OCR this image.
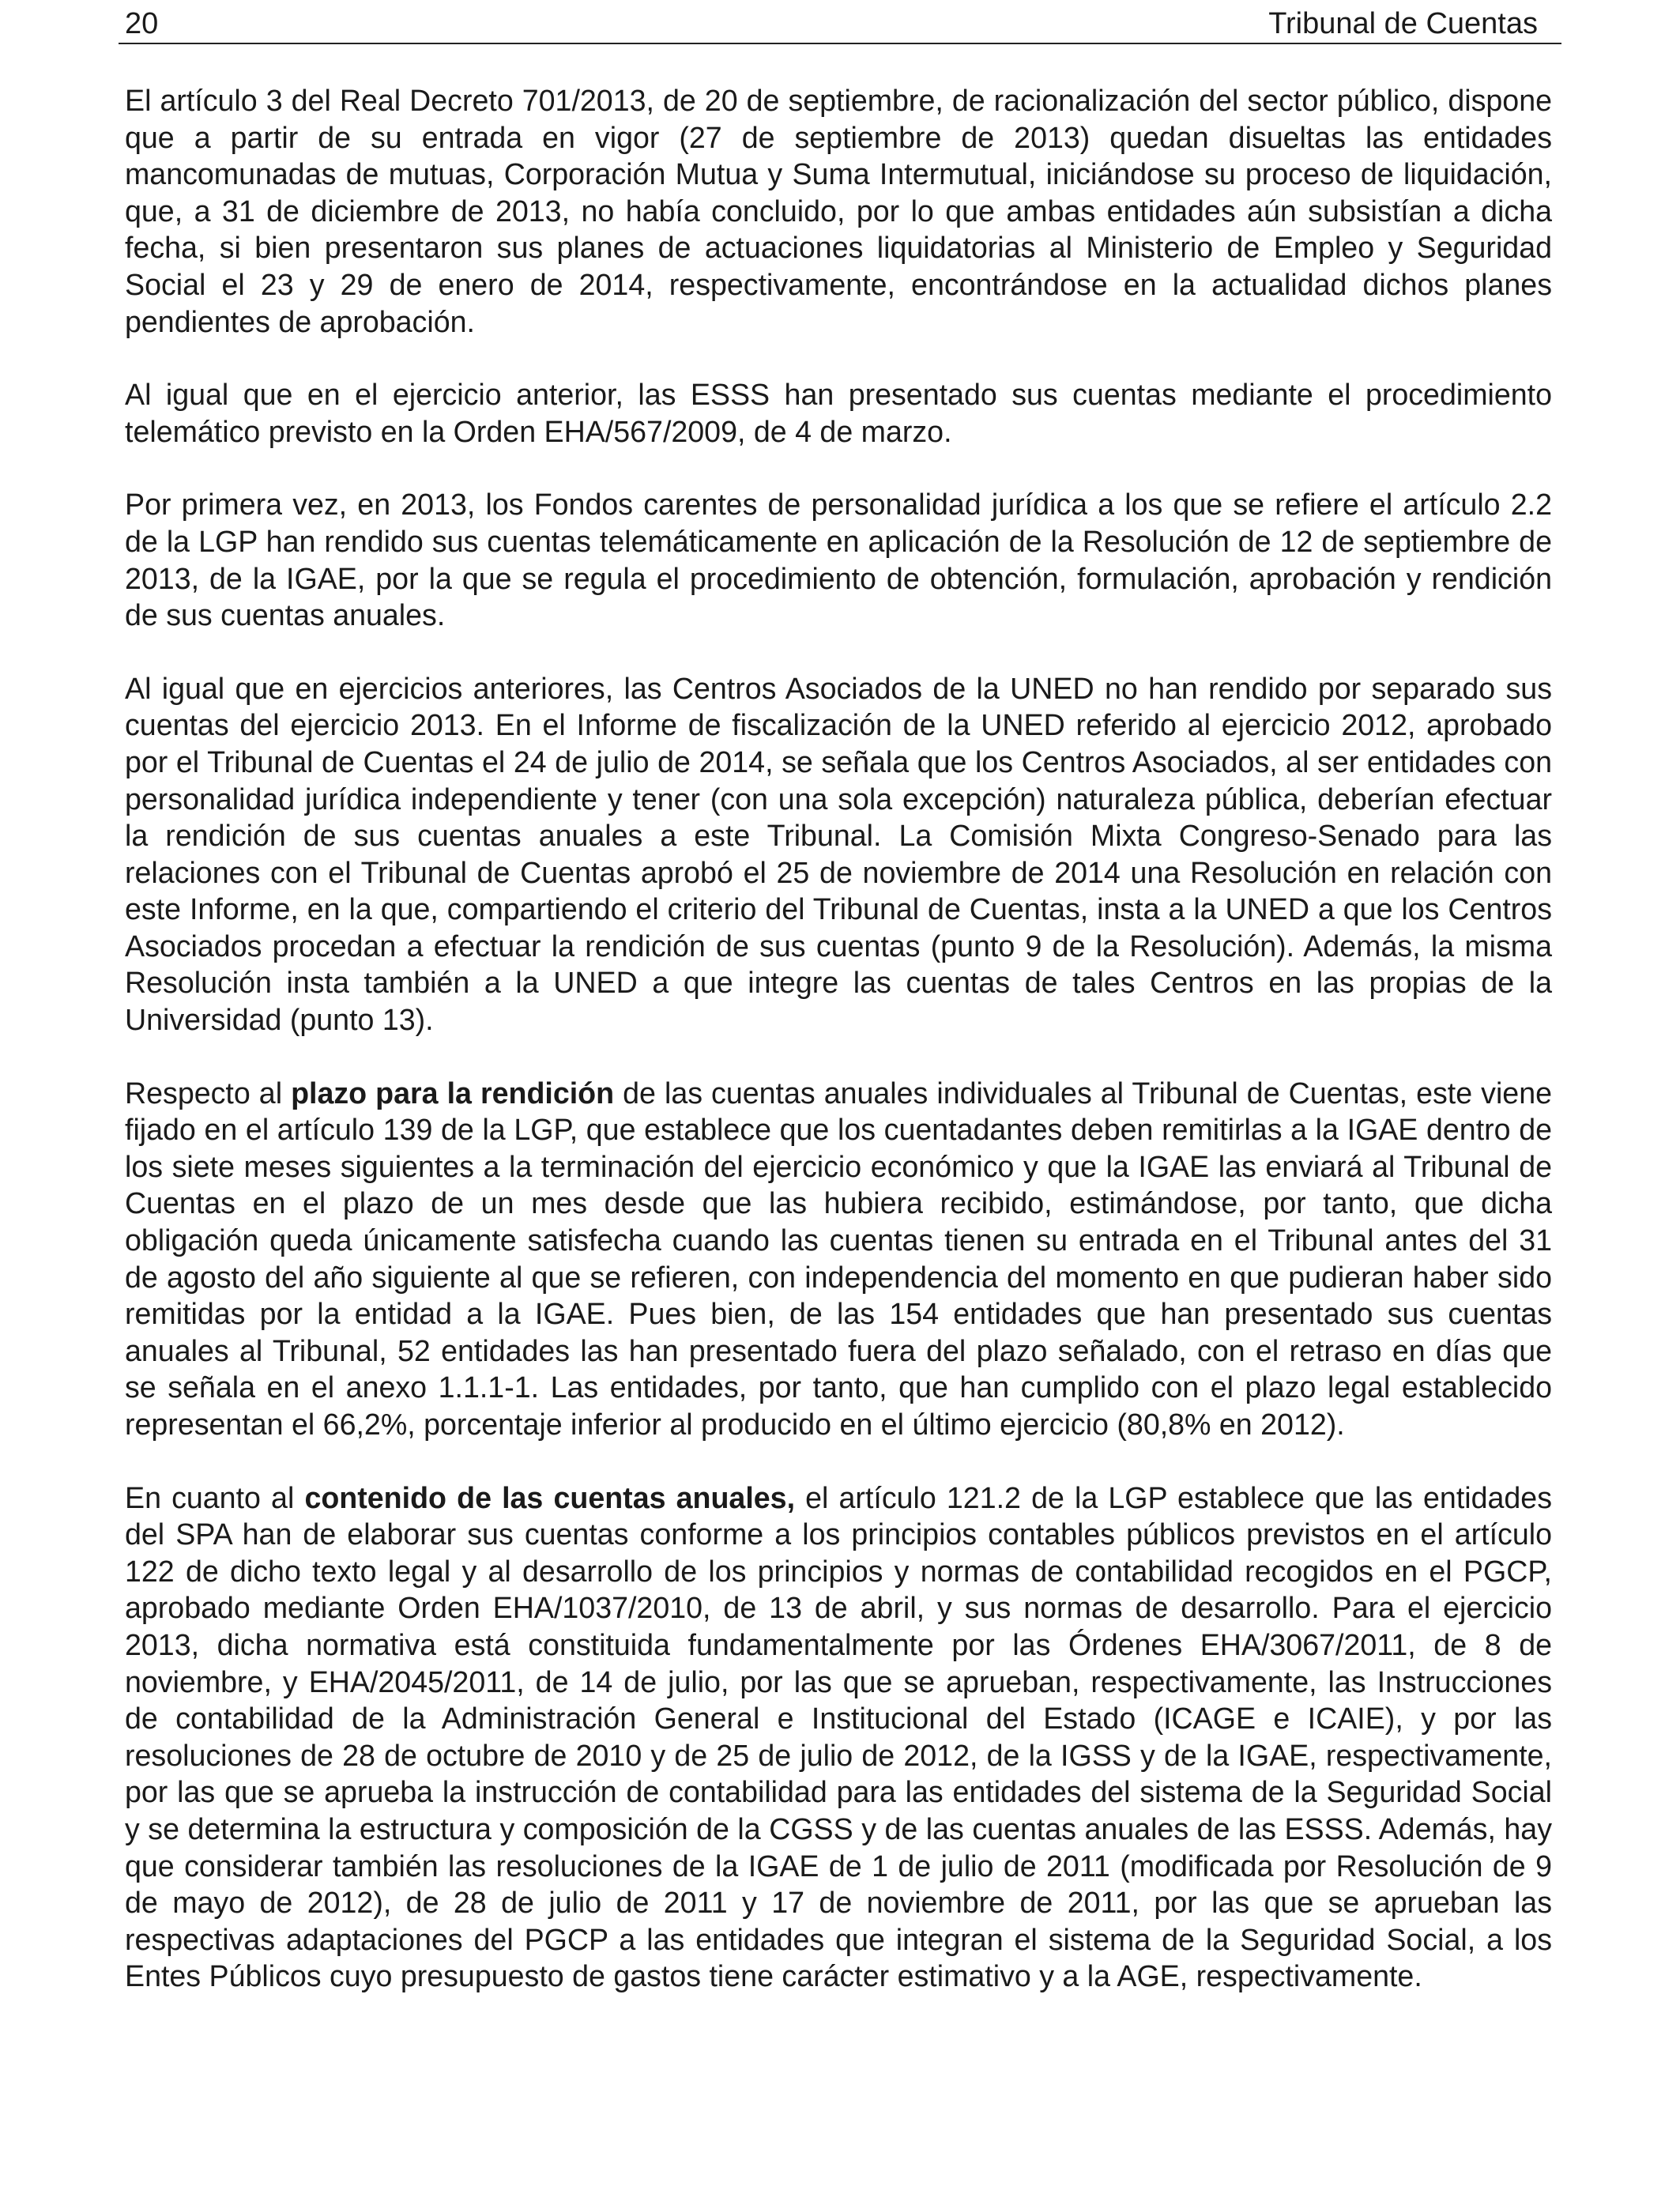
20	Tribunal de Cuentas

El artículo 3 del Real Decreto 701/2013, de 20 de septiembre, de racionalización del sector público, dispone que a partir de su entrada en vigor (27 de septiembre de 2013) quedan disueltas las entidades mancomunadas de mutuas, Corporación Mutua y Suma Intermutual, iniciándose su proceso de liquidación, que, a 31 de diciembre de 2013, no había concluido, por lo que ambas entidades aún subsistían a dicha fecha, si bien presentaron sus planes de actuaciones liquidatorias al Ministerio de Empleo y Seguridad Social el 23 y 29 de enero de 2014, respectivamente, encontrándose en la actualidad dichos planes pendientes de aprobación.

Al igual que en el ejercicio anterior, las ESSS han presentado sus cuentas mediante el procedimiento telemático previsto en la Orden EHA/567/2009, de 4 de marzo.

Por primera vez, en 2013, los Fondos carentes de personalidad jurídica a los que se refiere el artículo 2.2 de la LGP han rendido sus cuentas telemáticamente en aplicación de la Resolución de 12 de septiembre de 2013, de la IGAE, por la que se regula el procedimiento de obtención, formulación, aprobación y rendición de sus cuentas anuales.

Al igual que en ejercicios anteriores, las Centros Asociados de la UNED no han rendido por separado sus cuentas del ejercicio 2013. En el Informe de fiscalización de la UNED referido al ejercicio 2012, aprobado por el Tribunal de Cuentas el 24 de julio de 2014, se señala que los Centros Asociados, al ser entidades con personalidad jurídica independiente y tener (con una sola excepción) naturaleza pública, deberían efectuar la rendición de sus cuentas anuales a este Tribunal. La Comisión Mixta Congreso-Senado para las relaciones con el Tribunal de Cuentas aprobó el 25 de noviembre de 2014 una Resolución en relación con este Informe, en la que, compartiendo el criterio del Tribunal de Cuentas, insta a la UNED a que los Centros Asociados procedan a efectuar la rendición de sus cuentas (punto 9 de la Resolución). Además, la misma Resolución insta también a la UNED a que integre las cuentas de tales Centros en las propias de la Universidad (punto 13).

Respecto al plazo para la rendición de las cuentas anuales individuales al Tribunal de Cuentas, este viene fijado en el artículo 139 de la LGP, que establece que los cuentadantes deben remitirlas a la IGAE dentro de los siete meses siguientes a la terminación del ejercicio económico y que la IGAE las enviará al Tribunal de Cuentas en el plazo de un mes desde que las hubiera recibido, estimándose, por tanto, que dicha obligación queda únicamente satisfecha cuando las cuentas tienen su entrada en el Tribunal antes del 31 de agosto del año siguiente al que se refieren, con independencia del momento en que pudieran haber sido remitidas por la entidad a la IGAE. Pues bien, de las 154 entidades que han presentado sus cuentas anuales al Tribunal, 52 entidades las han presentado fuera del plazo señalado, con el retraso en días que se señala en el anexo 1.1.1-1. Las entidades, por tanto, que han cumplido con el plazo legal establecido representan el 66,2%, porcentaje inferior al producido en el último ejercicio (80,8% en 2012).

En cuanto al contenido de las cuentas anuales, el artículo 121.2 de la LGP establece que las entidades del SPA han de elaborar sus cuentas conforme a los principios contables públicos previstos en el artículo 122 de dicho texto legal y al desarrollo de los principios y normas de contabilidad recogidos en el PGCP, aprobado mediante Orden EHA/1037/2010, de 13 de abril, y sus normas de desarrollo. Para el ejercicio 2013, dicha normativa está constituida fundamentalmente por las Órdenes EHA/3067/2011, de 8 de noviembre, y EHA/2045/2011, de 14 de julio, por las que se aprueban, respectivamente, las Instrucciones de contabilidad de la Administración General e Institucional del Estado (ICAGE e ICAIE), y por las resoluciones de 28 de octubre de 2010 y de 25 de julio de 2012, de la IGSS y de la IGAE, respectivamente, por las que se aprueba la instrucción de contabilidad para las entidades del sistema de la Seguridad Social y se determina la estructura y composición de la CGSS y de las cuentas anuales de las ESSS. Además, hay que considerar también las resoluciones de la IGAE de 1 de julio de 2011 (modificada por Resolución de 9 de mayo de 2012), de 28 de julio de 2011 y 17 de noviembre de 2011, por las que se aprueban las respectivas adaptaciones del PGCP a las entidades que integran el sistema de la Seguridad Social, a los Entes Públicos cuyo presupuesto de gastos tiene carácter estimativo y a la AGE, respectivamente.
